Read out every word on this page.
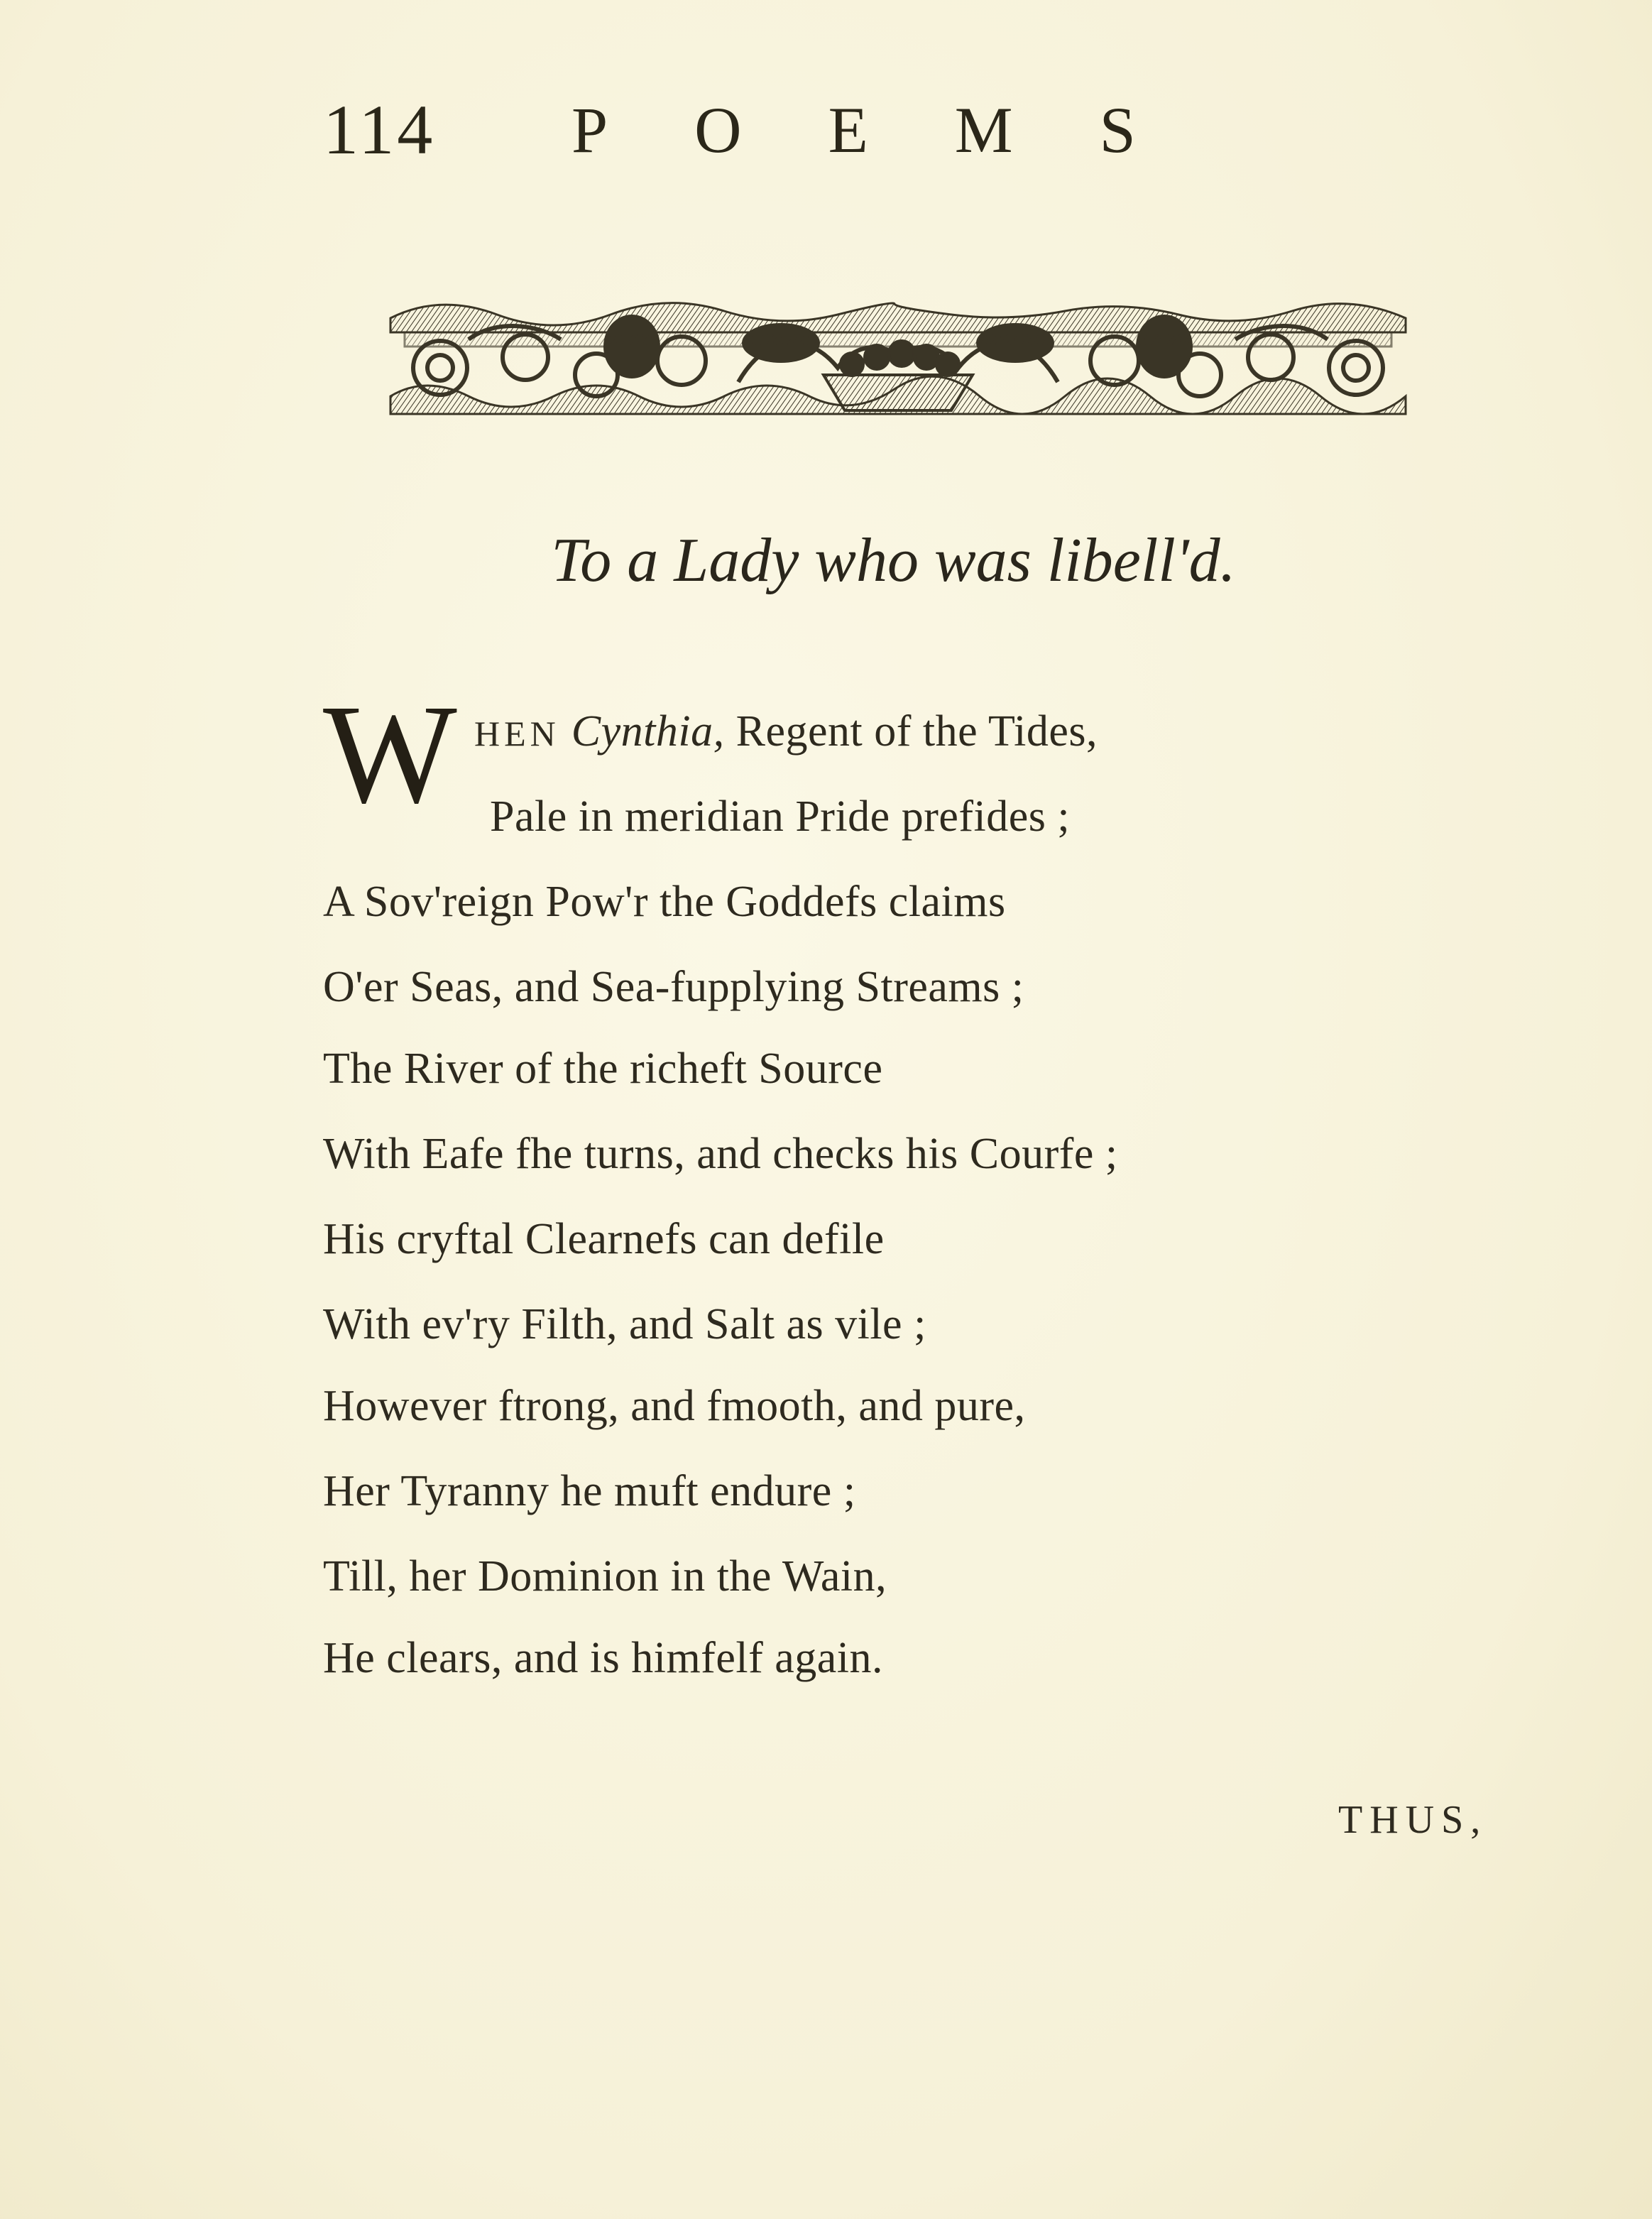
114 POEMS
To a Lady who was libell'd.
W HEN Cynthia, Regent of the Tides,
Pale in meridian Pride prefides ;
A Sov'reign Pow'r the Goddefs claims
O'er Seas, and Sea-fupplying Streams ;
The River of the richeft Source
With Eafe fhe turns, and checks his Courfe ;
His cryftal Clearnefs can defile
With ev'ry Filth, and Salt as vile ;
However ftrong, and fmooth, and pure,
Her Tyranny he muft endure ;
Till, her Dominion in the Wain,
He clears, and is himfelf again.
THUS,
